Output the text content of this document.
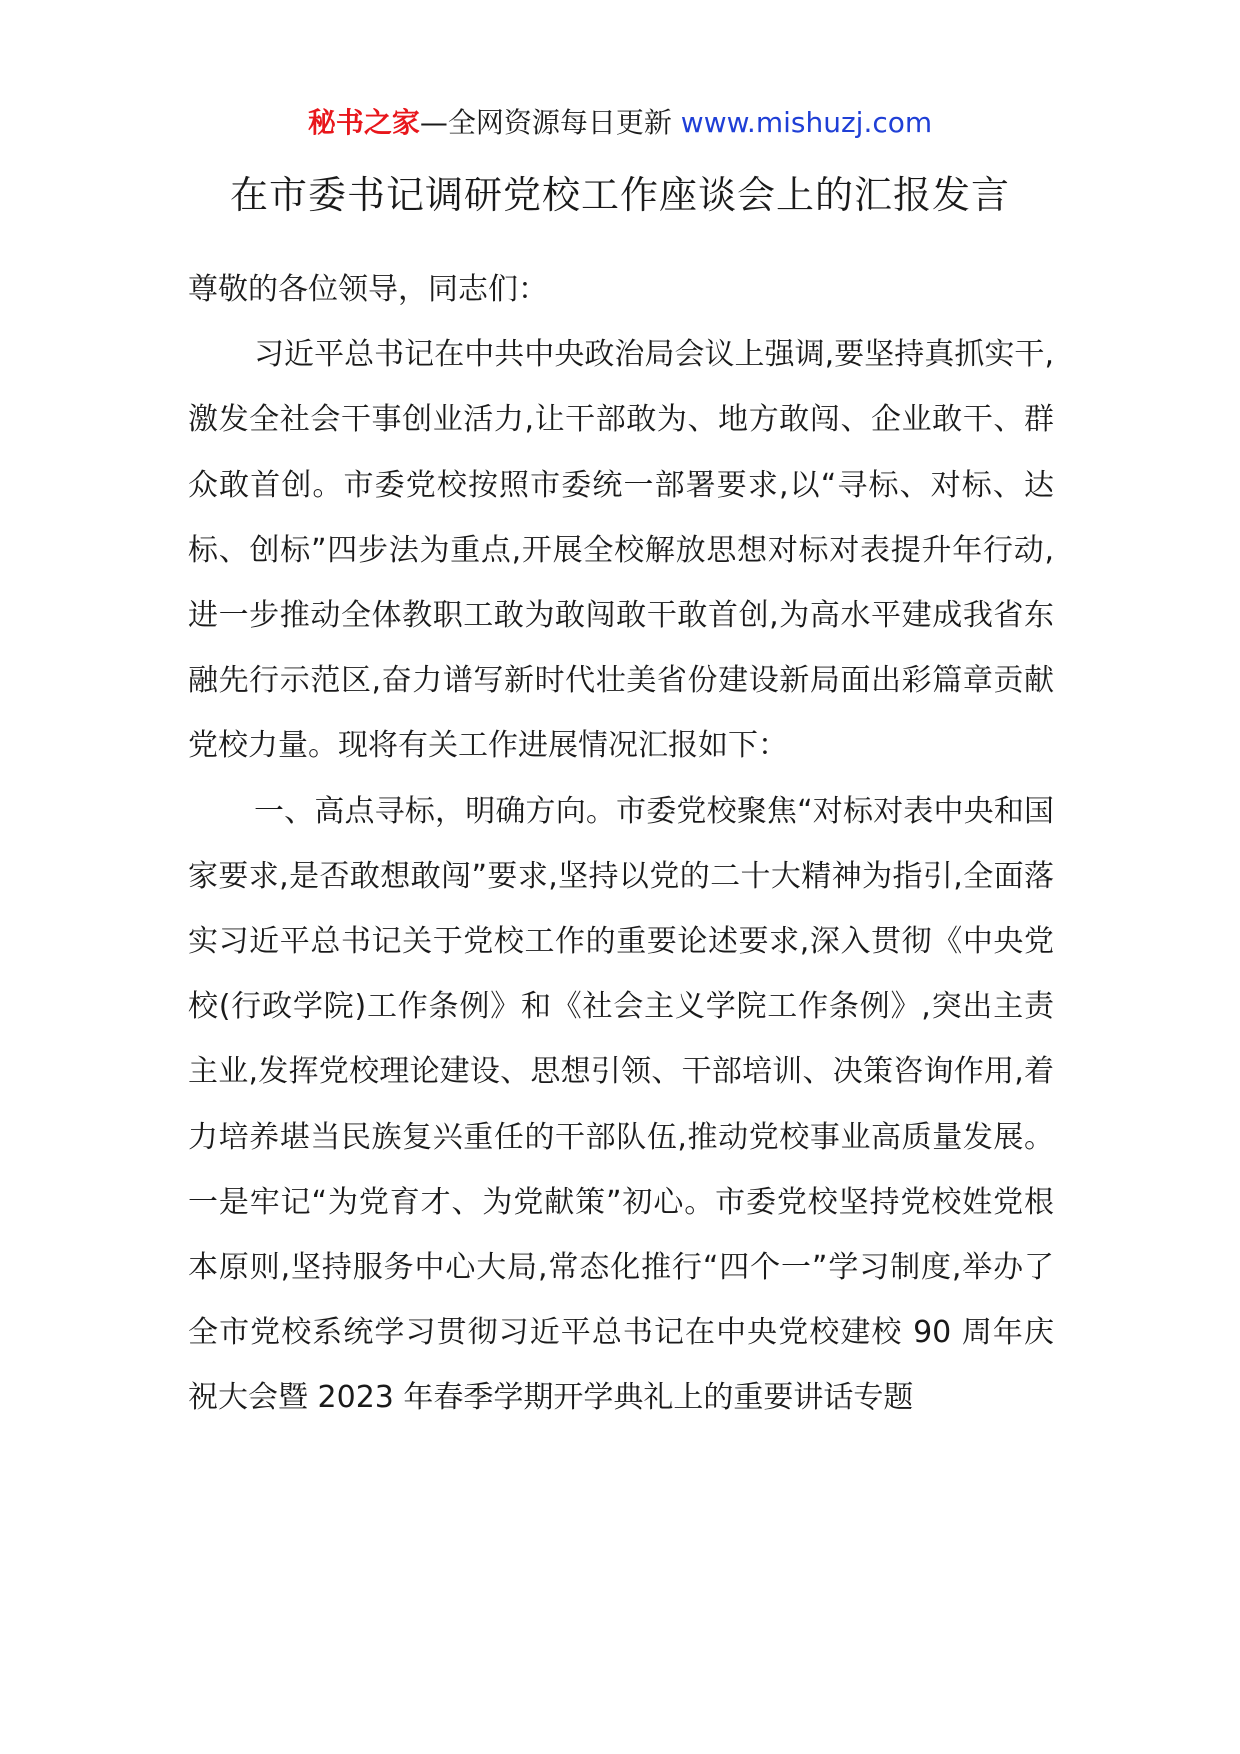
秘书之家—全网资源每日更新 www.mishuzj.com
在市委书记调研党校工作座谈会上的汇报发言

尊敬的各位领导，同志们：

习近平总书记在中共中央政治局会议上强调,要坚持真抓实干,激发全社会干事创业活力,让干部敢为、地方敢闯、企业敢干、群众敢首创。市委党校按照市委统一部署要求,以“寻标、对标、达标、创标”四步法为重点,开展全校解放思想对标对表提升年行动,进一步推动全体教职工敢为敢闯敢干敢首创,为高水平建成我省东融先行示范区,奋力谱写新时代壮美省份建设新局面出彩篇章贡献党校力量。现将有关工作进展情况汇报如下：

一、高点寻标，明确方向。市委党校聚焦“对标对表中央和国家要求,是否敢想敢闯”要求,坚持以党的二十大精神为指引,全面落实习近平总书记关于党校工作的重要论述要求,深入贯彻《中央党校(行政学院)工作条例》和《社会主义学院工作条例》,突出主责主业,发挥党校理论建设、思想引领、干部培训、决策咨询作用,着力培养堪当民族复兴重任的干部队伍,推动党校事业高质量发展。一是牢记“为党育才、为党献策”初心。市委党校坚持党校姓党根本原则,坚持服务中心大局,常态化推行“四个一”学习制度,举办了全市党校系统学习贯彻习近平总书记在中央党校建校 90 周年庆祝大会暨 2023 年春季学期开学典礼上的重要讲话专题
